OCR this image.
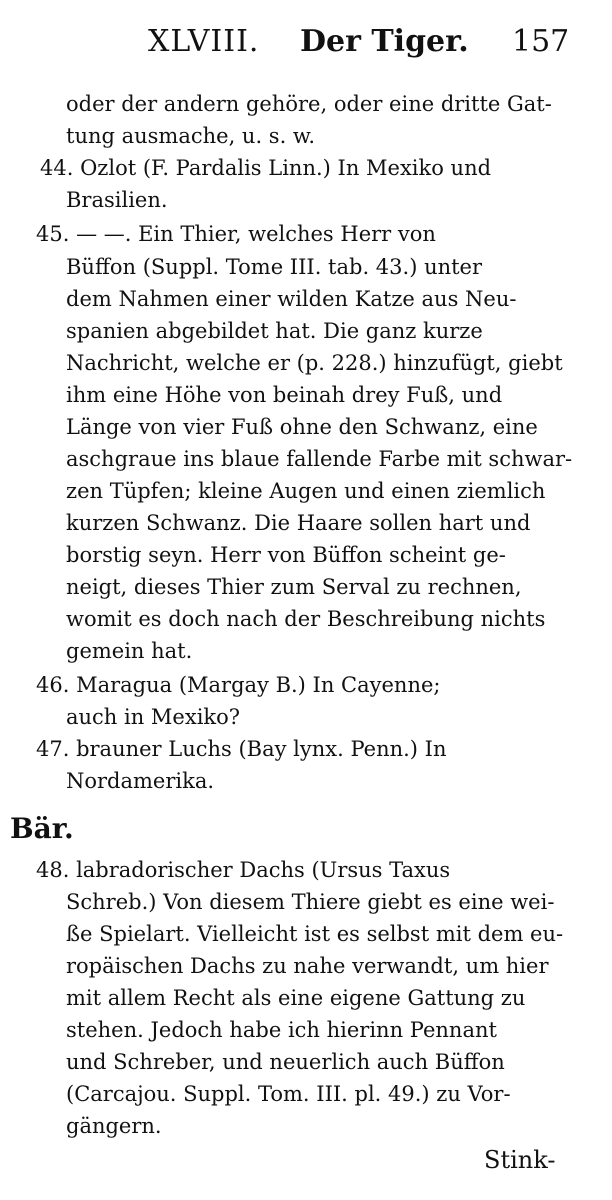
XLVIII. Der Tiger. 157
oder der andern gehöre, oder eine dritte Gat-
tung ausmache, u. s. w.
44. Ozlot (F. Pardalis Linn.) In Mexiko und
Brasilien.
45. — —. Ein Thier, welches Herr von
Büffon (Suppl. Tome III. tab. 43.) unter
dem Nahmen einer wilden Katze aus Neu-
spanien abgebildet hat. Die ganz kurze
Nachricht, welche er (p. 228.) hinzufügt, giebt
ihm eine Höhe von beinah drey Fuß, und
Länge von vier Fuß ohne den Schwanz, eine
aschgraue ins blaue fallende Farbe mit schwar-
zen Tüpfen; kleine Augen und einen ziemlich
kurzen Schwanz. Die Haare sollen hart und
borstig seyn. Herr von Büffon scheint ge-
neigt, dieses Thier zum Serval zu rechnen,
womit es doch nach der Beschreibung nichts
gemein hat.
46. Maragua (Margay B.) In Cayenne;
auch in Mexiko?
47. brauner Luchs (Bay lynx. Penn.) In
Nordamerika.
Bär.
48. labradorischer Dachs (Ursus Taxus
Schreb.) Von diesem Thiere giebt es eine wei-
ße Spielart. Vielleicht ist es selbst mit dem eu-
ropäischen Dachs zu nahe verwandt, um hier
mit allem Recht als eine eigene Gattung zu
stehen. Jedoch habe ich hierinn Pennant
und Schreber, und neuerlich auch Büffon
(Carcajou. Suppl. Tom. III. pl. 49.) zu Vor-
gängern.
Stink-
